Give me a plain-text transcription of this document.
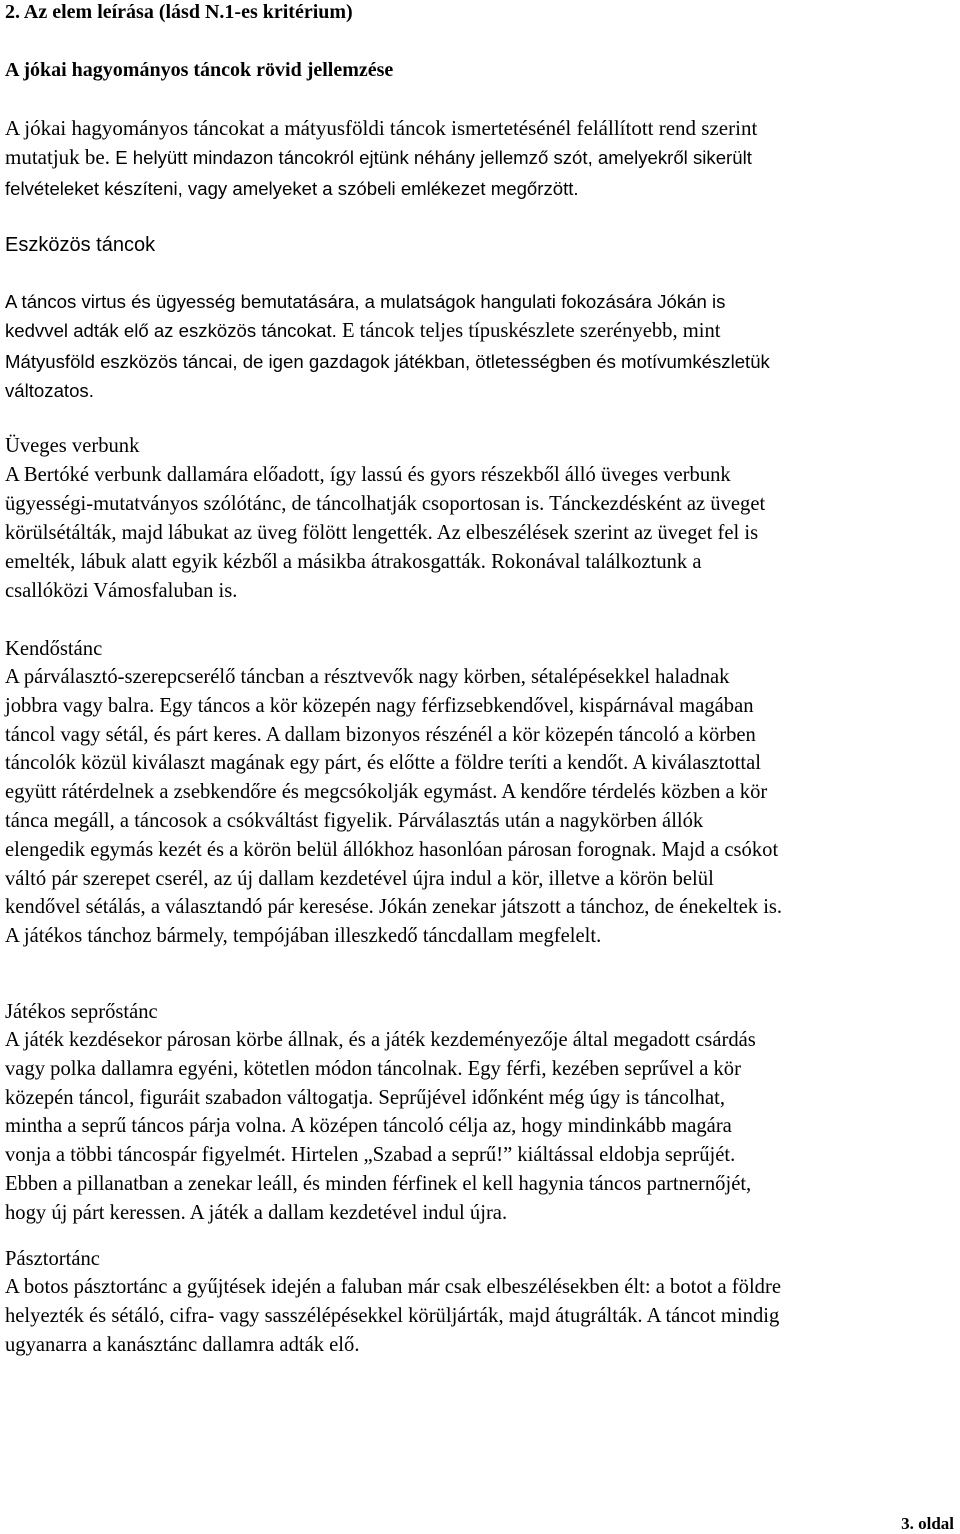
2. Az elem leírása (lásd N.1-es kritérium)
A jókai hagyományos táncok rövid jellemzése
A jókai hagyományos táncokat a mátyusföldi táncok ismertetésénél felállított rend szerint
mutatjuk be. E helyütt mindazon táncokról ejtünk néhány jellemző szót, amelyekről sikerült
felvételeket készíteni, vagy amelyeket a szóbeli emlékezet megőrzött.
Eszközös táncok
A táncos virtus és ügyesség bemutatására, a mulatságok hangulati fokozására Jókán is
kedvvel adták elő az eszközös táncokat. E táncok teljes típuskészlete szerényebb, mint
Mátyusföld eszközös táncai, de igen gazdagok játékban, ötletességben és motívumkészletük
változatos.
Üveges verbunk
A Bertóké verbunk dallamára előadott, így lassú és gyors részekből álló üveges verbunk
ügyességi-mutatványos szólótánc, de táncolhatják csoportosan is. Tánckezdésként az üveget
körülsétálták, majd lábukat az üveg fölött lengették. Az elbeszélések szerint az üveget fel is
emelték, lábuk alatt egyik kézből a másikba átrakosgatták. Rokonával találkoztunk a
csallóközi Vámosfaluban is.
Kendőstánc
A párválasztó-szerepcserélő táncban a résztvevők nagy körben, sétalépésekkel haladnak
jobbra vagy balra. Egy táncos a kör közepén nagy férfizsebkendővel, kispárnával magában
táncol vagy sétál, és párt keres. A dallam bizonyos részénél a kör közepén táncoló a körben
táncolók közül kiválaszt magának egy párt, és előtte a földre teríti a kendőt. A kiválasztottal
együtt rátérdelnek a zsebkendőre és megcsókolják egymást. A kendőre térdelés közben a kör
tánca megáll, a táncosok a csókváltást figyelik. Párválasztás után a nagykörben állók
elengedik egymás kezét és a körön belül állókhoz hasonlóan párosan forognak. Majd a csókot
váltó pár szerepet cserél, az új dallam kezdetével újra indul a kör, illetve a körön belül
kendővel sétálás, a választandó pár keresése. Jókán zenekar játszott a tánchoz, de énekeltek is.
A játékos tánchoz bármely, tempójában illeszkedő táncdallam megfelelt.
Játékos seprőstánc
A játék kezdésekor párosan körbe állnak, és a játék kezdeményezője által megadott csárdás
vagy polka dallamra egyéni, kötetlen módon táncolnak. Egy férfi, kezében seprűvel a kör
közepén táncol, figuráit szabadon váltogatja. Seprűjével időnként még úgy is táncolhat,
mintha a seprű táncos párja volna. A középen táncoló célja az, hogy mindinkább magára
vonja a többi táncospár figyelmét. Hirtelen „Szabad a seprű!” kiáltással eldobja seprűjét.
Ebben a pillanatban a zenekar leáll, és minden férfinek el kell hagynia táncos partnernőjét,
hogy új párt keressen. A játék a dallam kezdetével indul újra.
Pásztortánc
A botos pásztortánc a gyűjtések idején a faluban már csak elbeszélésekben élt: a botot a földre
helyezték és sétáló, cifra- vagy sasszélépésekkel körüljárták, majd átugrálták. A táncot mindig
ugyanarra a kanásztánc dallamra adták elő.
3. oldal
